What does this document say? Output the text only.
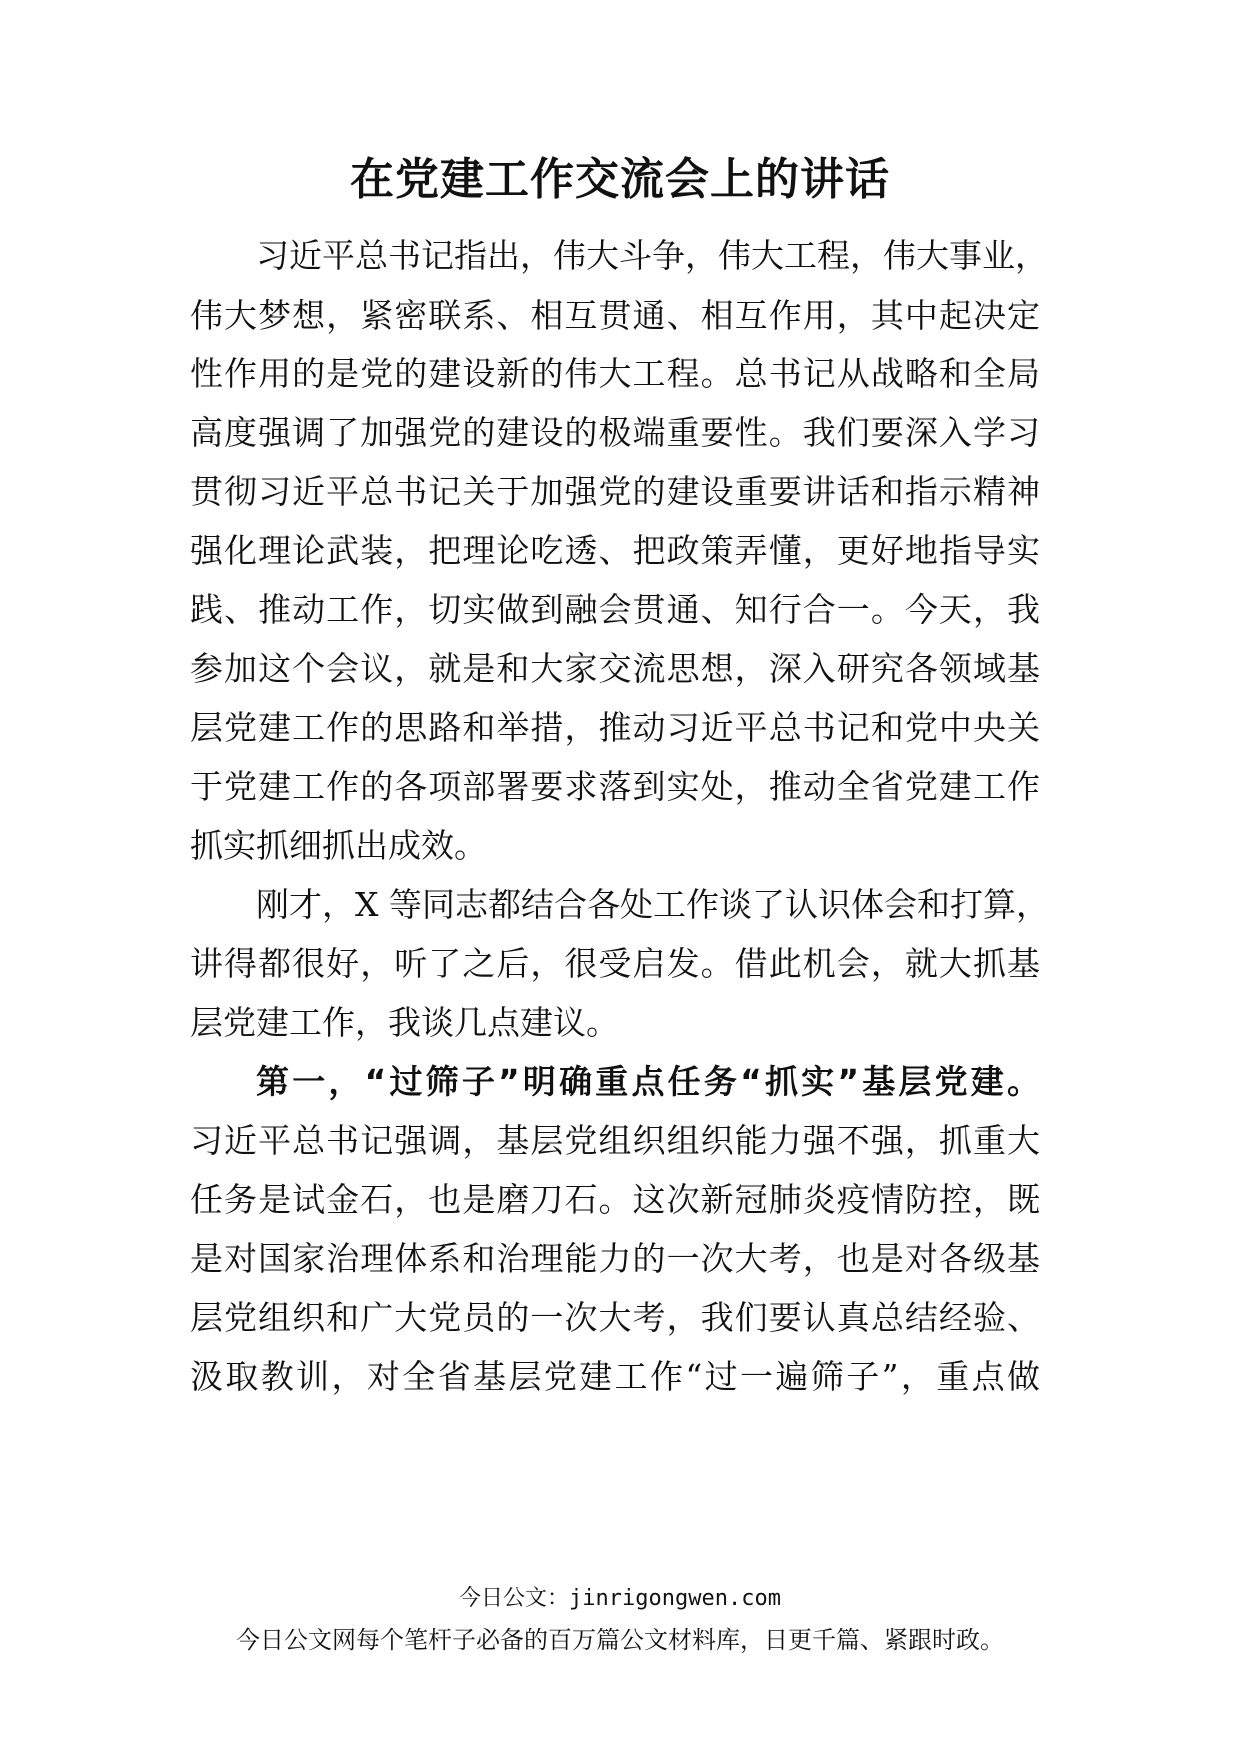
在党建工作交流会上的讲话
习近平总书记指出，伟大斗争，伟大工程，伟大事业，
伟大梦想，紧密联系、相互贯通、相互作用，其中起决定
性作用的是党的建设新的伟大工程。总书记从战略和全局
高度强调了加强党的建设的极端重要性。我们要深入学习
贯彻习近平总书记关于加强党的建设重要讲话和指示精神
强化理论武装，把理论吃透、把政策弄懂，更好地指导实
践、推动工作，切实做到融会贯通、知行合一。今天，我
参加这个会议，就是和大家交流思想，深入研究各领域基
层党建工作的思路和举措，推动习近平总书记和党中央关
于党建工作的各项部署要求落到实处，推动全省党建工作
抓实抓细抓出成效。
刚才，X 等同志都结合各处工作谈了认识体会和打算，
讲得都很好，听了之后，很受启发。借此机会，就大抓基
层党建工作，我谈几点建议。
第一，“过筛子”明确重点任务“抓实”基层党建。
习近平总书记强调，基层党组织组织能力强不强，抓重大
任务是试金石，也是磨刀石。这次新冠肺炎疫情防控，既
是对国家治理体系和治理能力的一次大考，也是对各级基
层党组织和广大党员的一次大考，我们要认真总结经验、
汲取教训，对全省基层党建工作“过一遍筛子”，重点做
今日公文：jinrigongwen.com
今日公文网每个笔杆子必备的百万篇公文材料库，日更千篇、紧跟时政。
